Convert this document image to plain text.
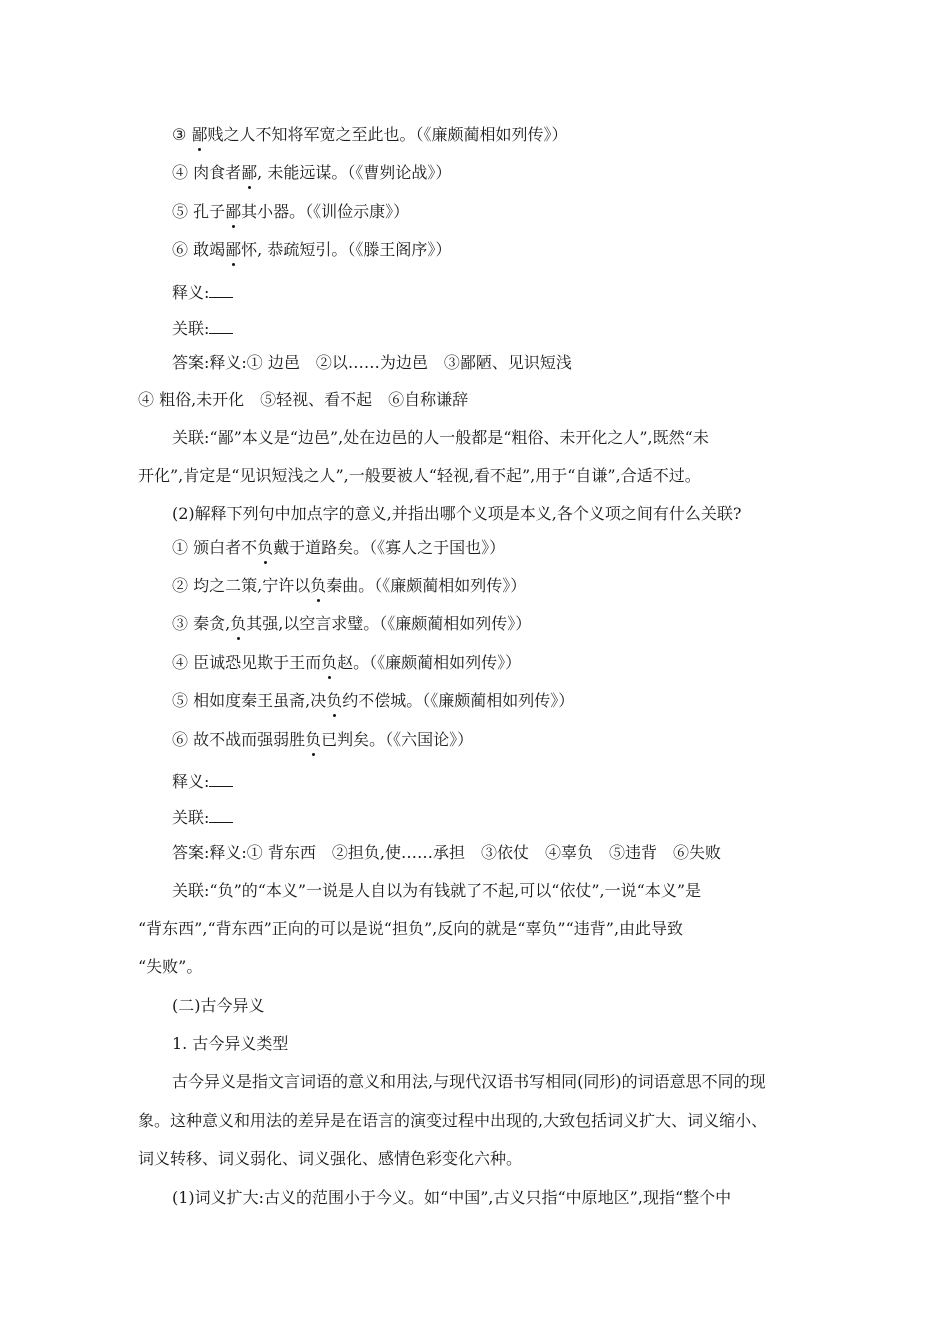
③ 鄙贱之人不知将军宽之至此也。（《廉颇蔺相如列传》）
④ 肉食者鄙, 未能远谋。（《曹刿论战》）
⑤ 孔子鄙其小器。（《训俭示康》）
⑥ 敢竭鄙怀, 恭疏短引。（《滕王阁序》）
释义:
关联:
答案:释义:① 边邑　②以……为边邑　③鄙陋、见识短浅
④ 粗俗,未开化　⑤轻视、看不起　⑥自称谦辞
关联:“鄙”本义是“边邑”,处在边邑的人一般都是“粗俗、未开化之人”,既然“未
开化”,肯定是“见识短浅之人”,一般要被人“轻视,看不起”,用于“自谦”,合适不过。
(2)解释下列句中加点字的意义,并指出哪个义项是本义,各个义项之间有什么关联?
① 颁白者不负戴于道路矣。（《寡人之于国也》）
② 均之二策,宁许以负秦曲。（《廉颇蔺相如列传》）
③ 秦贪,负其强,以空言求璧。（《廉颇蔺相如列传》）
④ 臣诚恐见欺于王而负赵。（《廉颇蔺相如列传》）
⑤ 相如度秦王虽斋,决负约不偿城。（《廉颇蔺相如列传》）
⑥ 故不战而强弱胜负已判矣。（《六国论》）
释义:
关联:
答案:释义:① 背东西　②担负,使……承担　③依仗　④辜负　⑤违背　⑥失败
关联:“负”的“本义”一说是人自以为有钱就了不起,可以“依仗”,一说“本义”是
“背东西”,“背东西”正向的可以是说“担负”,反向的就是“辜负”“违背”,由此导致
“失败”。
(二)古今异义
1. 古今异义类型
古今异义是指文言词语的意义和用法,与现代汉语书写相同(同形)的词语意思不同的现
象。这种意义和用法的差异是在语言的演变过程中出现的,大致包括词义扩大、词义缩小、
词义转移、词义弱化、词义强化、感情色彩变化六种。
(1)词义扩大:古义的范围小于今义。如“中国”,古义只指“中原地区”,现指“整个中
